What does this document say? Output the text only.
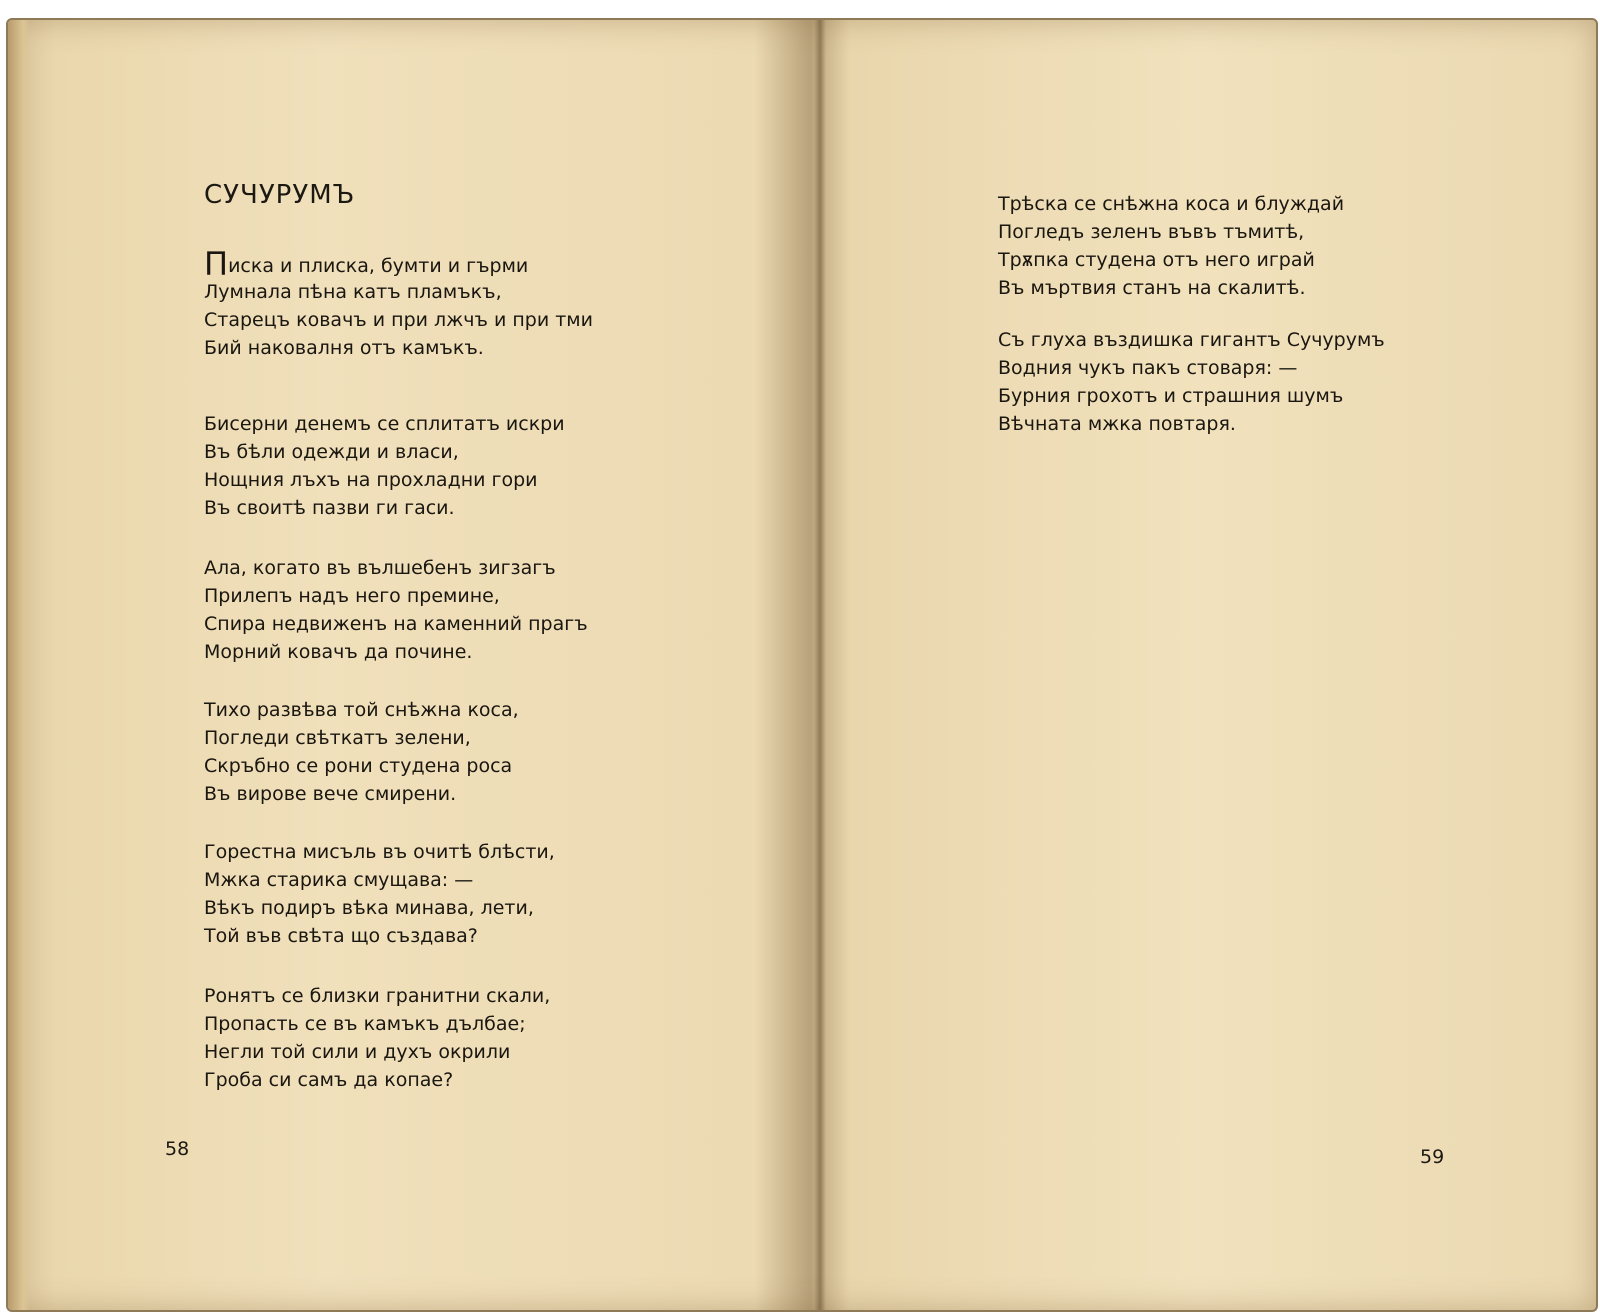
СУЧУРУМЪ
Писка и плиска, бумти и гърми
Лумнала пѣна катъ пламъкъ,
Старецъ ковачъ и при лжчъ и при тми
Бий наковалня отъ камъкъ.
Бисерни денемъ се сплитатъ искри
Въ бѣли одежди и власи,
Нощния лъхъ на прохладни гори
Въ своитѣ пазви ги гаси.
Ала, когато въ вълшебенъ зигзагъ
Прилепъ надъ него премине,
Спира недвиженъ на каменний прагъ
Морний ковачъ да почине.
Тихо развѣва той снѣжна коса,
Погледи свѣткатъ зелени,
Скръбно се рони студена роса
Въ вирове вече смирени.
Горестна мисъль въ очитѣ блѣсти,
Мжка старика смущава: —
Вѣкъ подиръ вѣка минава, лети,
Той във свѣта що създава?
Ронятъ се близки гранитни скали,
Пропасть се въ камъкъ дълбае;
Негли той сили и духъ окрили
Гроба си самъ да копае?
58
Трѣска се снѣжна коса и блуждай
Погледъ зеленъ въвъ тъмитѣ,
Трѫпка студена отъ него играй
Въ мъртвия станъ на скалитѣ.
Съ глуха въздишка гигантъ Сучурумъ
Водния чукъ пакъ стоваря: —
Бурния грохотъ и страшния шумъ
Вѣчната мжка повтаря.
59
